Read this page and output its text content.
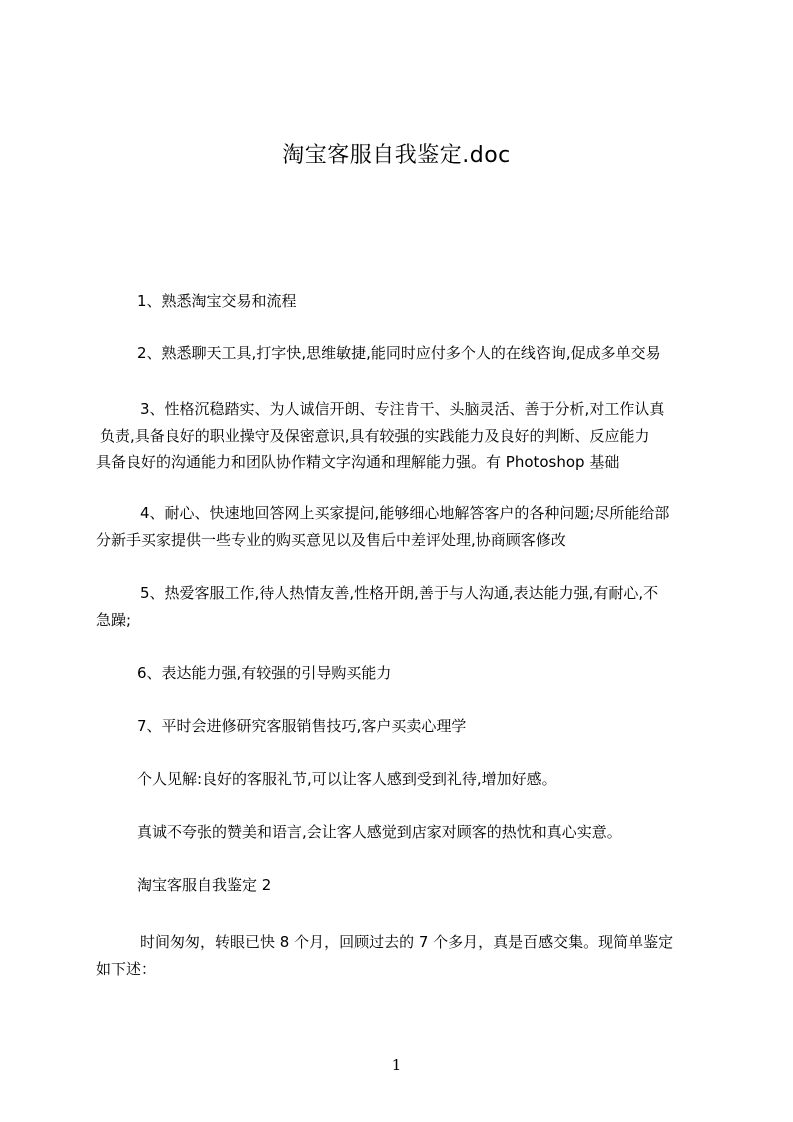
淘宝客服自我鉴定.doc
1、熟悉淘宝交易和流程
2、熟悉聊天工具,打字快,思维敏捷,能同时应付多个人的在线咨询,促成多单交易
3、性格沉稳踏实、为人诚信开朗、专注肯干、头脑灵活、善于分析,对工作认真
负责,具备良好的职业操守及保密意识,具有较强的实践能力及良好的判断、反应能力
具备良好的沟通能力和团队协作精文字沟通和理解能力强。有 Photoshop 基础
4、耐心、快速地回答网上买家提问,能够细心地解答客户的各种问题;尽所能给部
分新手买家提供一些专业的购买意见以及售后中差评处理,协商顾客修改
5、热爱客服工作,待人热情友善,性格开朗,善于与人沟通,表达能力强,有耐心,不
急躁;
6、表达能力强,有较强的引导购买能力
7、平时会进修研究客服销售技巧,客户买卖心理学
个人见解:良好的客服礼节,可以让客人感到受到礼待,增加好感。
真诚不夸张的赞美和语言,会让客人感觉到店家对顾客的热忱和真心实意。
淘宝客服自我鉴定 2
时间匆匆，转眼已快 8 个月，回顾过去的 7 个多月，真是百感交集。现简单鉴定
如下述：
1
